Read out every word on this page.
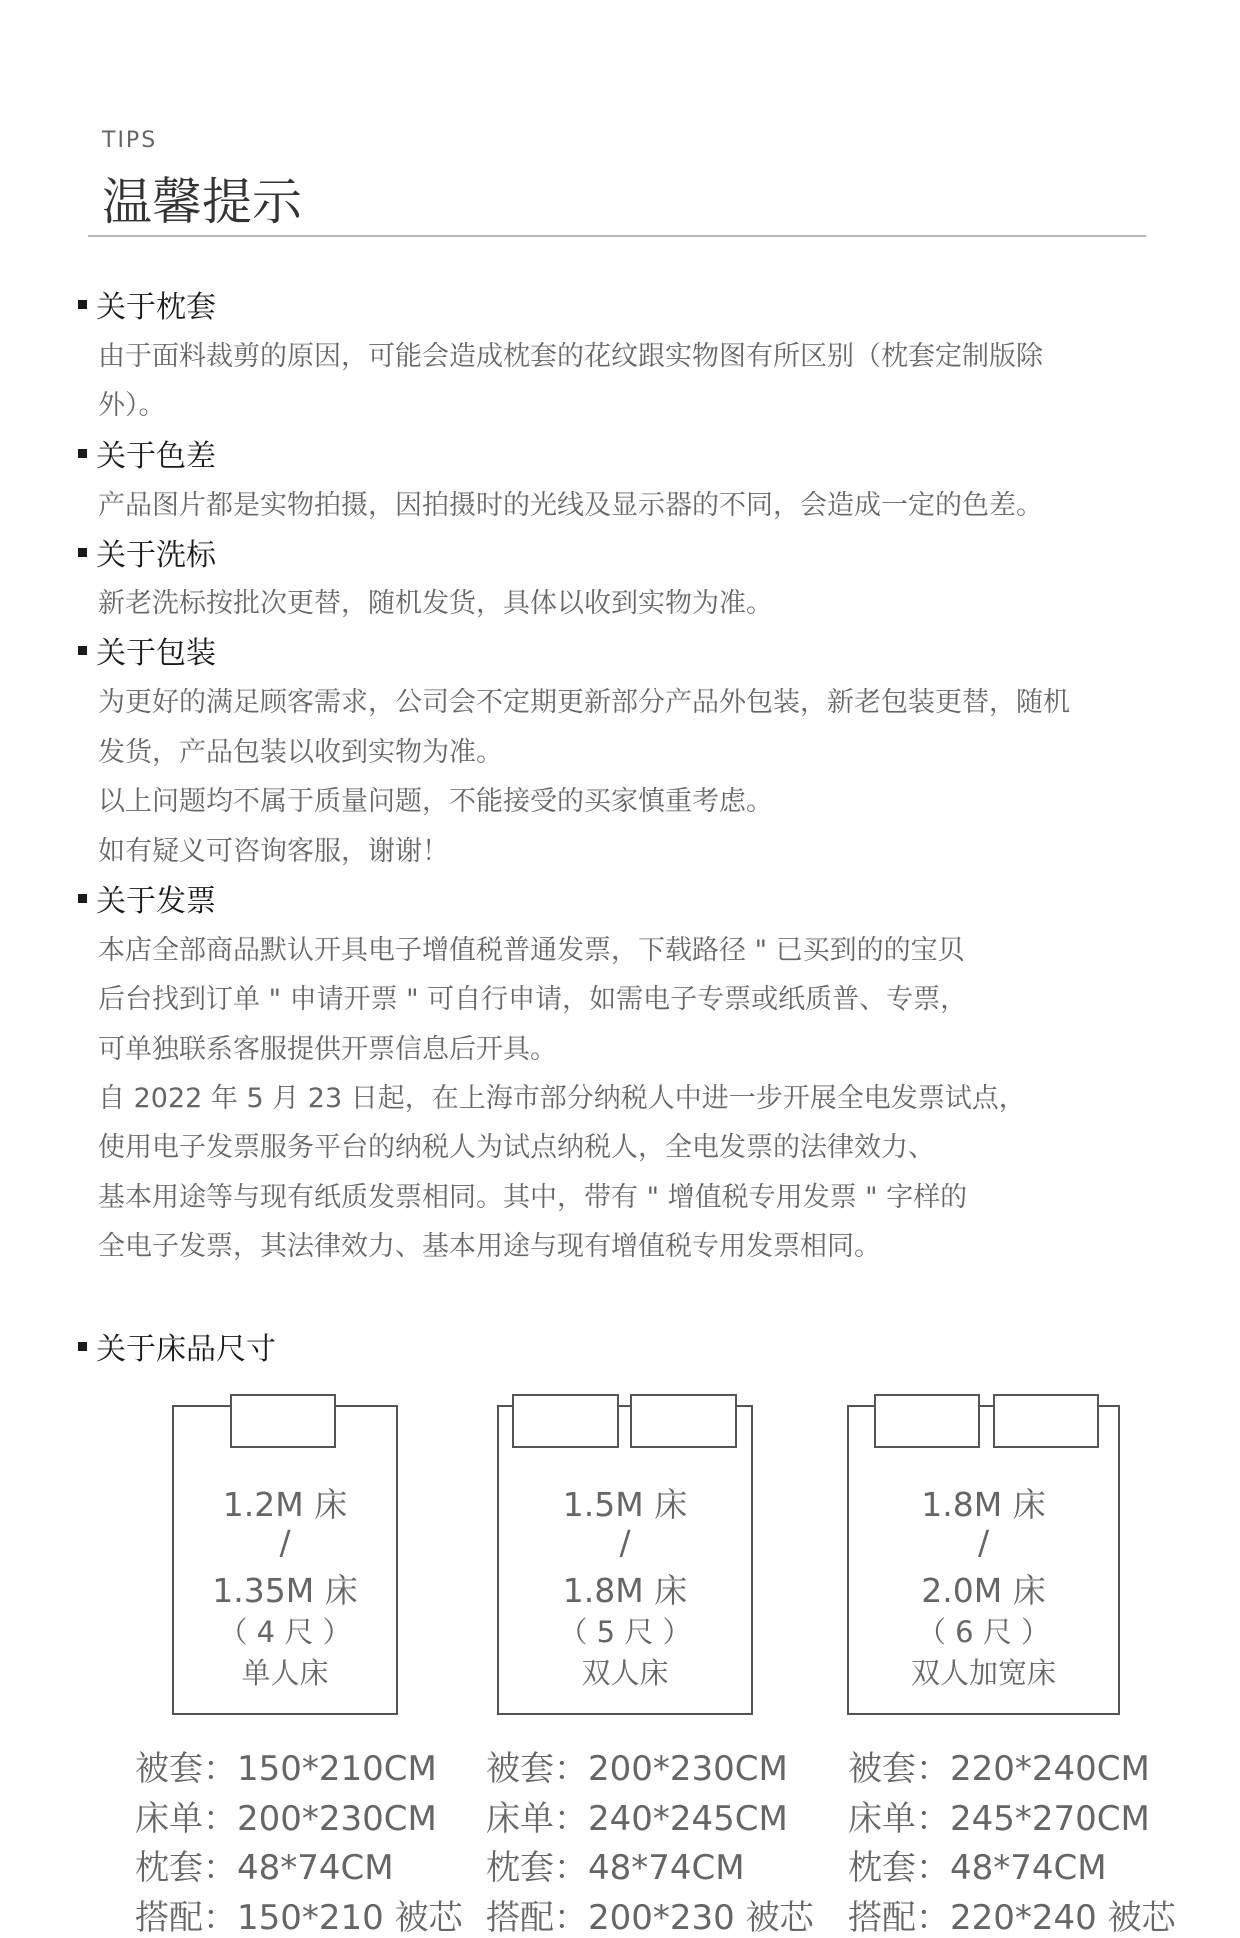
TIPS
温馨提示
关于枕套
由于面料裁剪的原因，可能会造成枕套的花纹跟实物图有所区别（枕套定制版除
外）。
关于色差
产品图片都是实物拍摄，因拍摄时的光线及显示器的不同，会造成一定的色差。
关于洗标
新老洗标按批次更替，随机发货，具体以收到实物为准。
关于包装
为更好的满足顾客需求，公司会不定期更新部分产品外包装，新老包装更替，随机
发货，产品包装以收到实物为准。
以上问题均不属于质量问题，不能接受的买家慎重考虑。
如有疑义可咨询客服，谢谢！
关于发票
本店全部商品默认开具电子增值税普通发票，下载路径 " 已买到的的宝贝
后台找到订单 " 申请开票 " 可自行申请，如需电子专票或纸质普、专票，
可单独联系客服提供开票信息后开具。
自 2022 年 5 月 23 日起，在上海市部分纳税人中进一步开展全电发票试点，
使用电子发票服务平台的纳税人为试点纳税人，全电发票的法律效力、
基本用途等与现有纸质发票相同。其中，带有 " 增值税专用发票 " 字样的
全电子发票，其法律效力、基本用途与现有增值税专用发票相同。
关于床品尺寸
1.2M 床
/
1.35M 床
（ 4 尺 ）
单人床
1.5M 床
/
1.8M 床
（ 5 尺 ）
双人床
1.8M 床
/
2.0M 床
（ 6 尺 ）
双人加宽床
被套：150*210CM
床单：200*230CM
枕套：48*74CM
搭配：150*210 被芯
被套：200*230CM
床单：240*245CM
枕套：48*74CM
搭配：200*230 被芯
被套：220*240CM
床单：245*270CM
枕套：48*74CM
搭配：220*240 被芯
